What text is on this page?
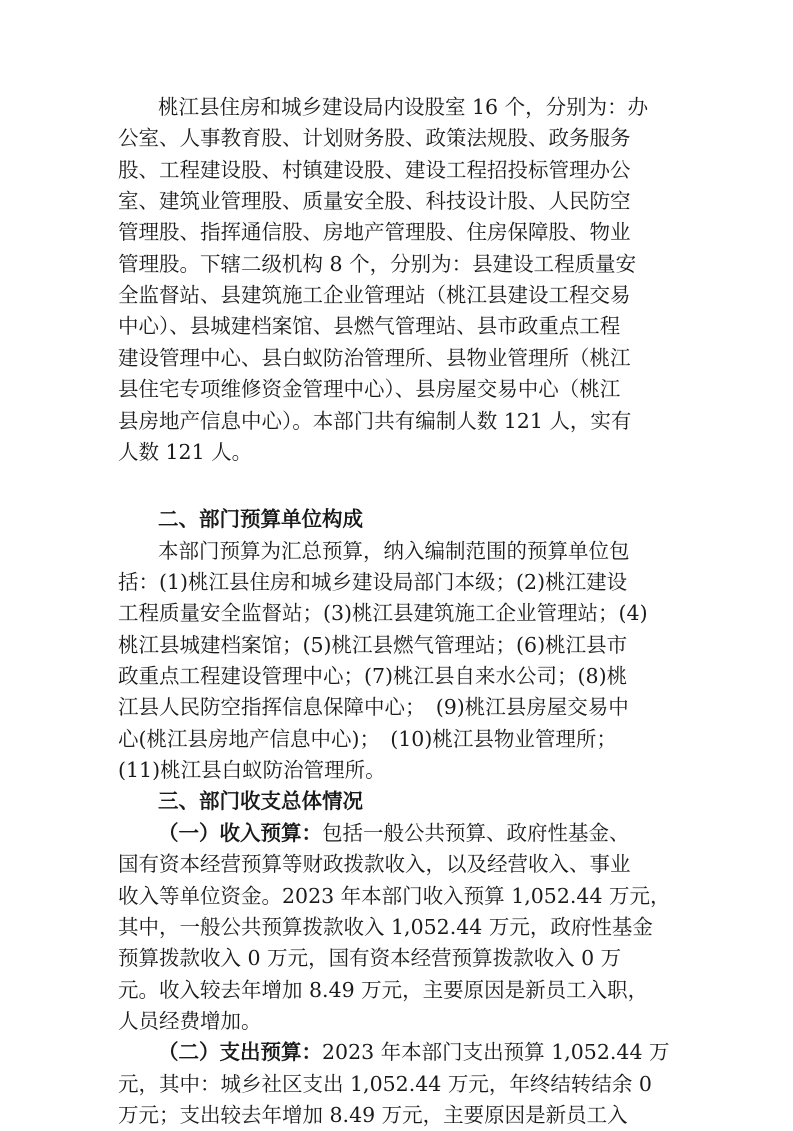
桃江县住房和城乡建设局内设股室 16 个，分别为：办
公室、人事教育股、计划财务股、政策法规股、政务服务
股、工程建设股、村镇建设股、建设工程招投标管理办公
室、建筑业管理股、质量安全股、科技设计股、人民防空
管理股、指挥通信股、房地产管理股、住房保障股、物业
管理股。下辖二级机构 8 个，分别为：县建设工程质量安
全监督站、县建筑施工企业管理站（桃江县建设工程交易
中心）、县城建档案馆、县燃气管理站、县市政重点工程
建设管理中心、县白蚁防治管理所、县物业管理所（桃江
县住宅专项维修资金管理中心）、县房屋交易中心（桃江
县房地产信息中心）。本部门共有编制人数 121 人，实有
人数 121 人。
二、部门预算单位构成
本部门预算为汇总预算，纳入编制范围的预算单位包
括：(1)桃江县住房和城乡建设局部门本级；(2)桃江建设
工程质量安全监督站；(3)桃江县建筑施工企业管理站；(4)
桃江县城建档案馆；(5)桃江县燃气管理站；(6)桃江县市
政重点工程建设管理中心；(7)桃江县自来水公司；(8)桃
江县人民防空指挥信息保障中心；　(9)桃江县房屋交易中
心(桃江县房地产信息中心)；　(10)桃江县物业管理所；
(11)桃江县白蚁防治管理所。
三、部门收支总体情况
（一）收入预算：包括一般公共预算、政府性基金、
国有资本经营预算等财政拨款收入，以及经营收入、事业
收入等单位资金。2023 年本部门收入预算 1,052.44 万元，
其中，一般公共预算拨款收入 1,052.44 万元，政府性基金
预算拨款收入 0 万元，国有资本经营预算拨款收入 0 万
元。收入较去年增加 8.49 万元，主要原因是新员工入职，
人员经费增加。
（二）支出预算：2023 年本部门支出预算 1,052.44 万
元，其中：城乡社区支出 1,052.44 万元，年终结转结余 0
万元；支出较去年增加 8.49 万元，主要原因是新员工入
